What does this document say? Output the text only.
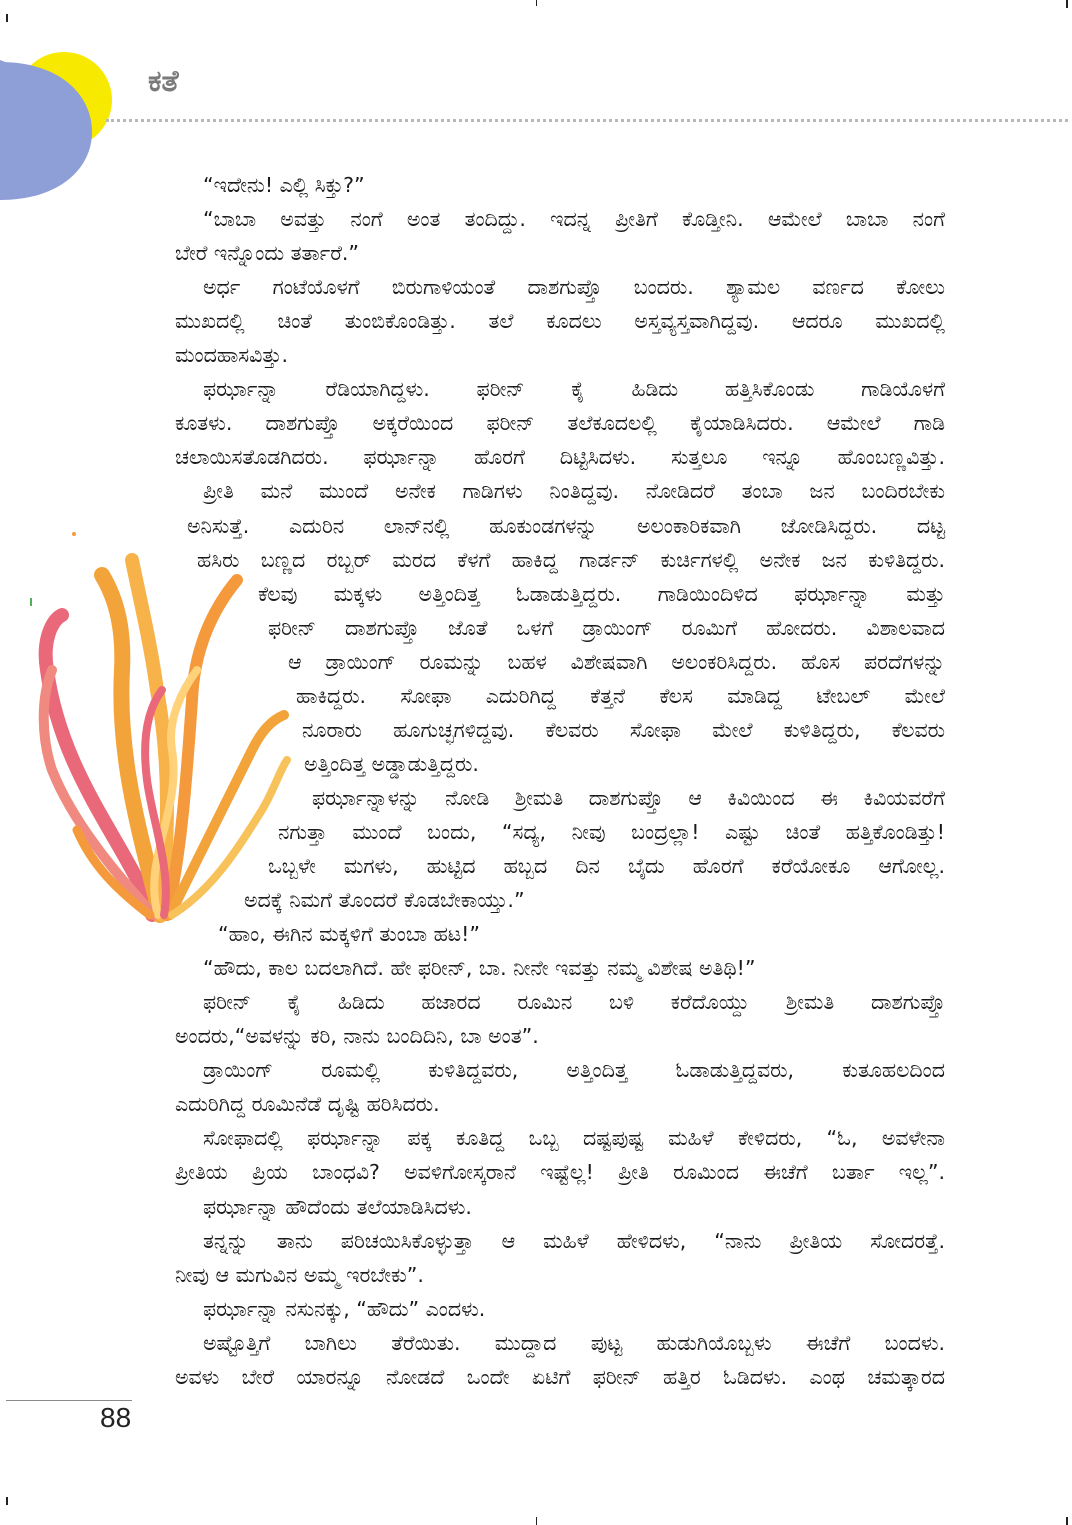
ಕತೆ
“ಇದೇನು! ಎಲ್ಲಿ ಸಿಕ್ತು?”
“ಬಾಬಾ ಅವತ್ತು ನಂಗೆ ಅಂತ ತಂದಿದ್ದು. ಇದನ್ನ ಪ್ರೀತಿಗೆ ಕೊಡ್ತೀನಿ. ಆಮೇಲೆ ಬಾಬಾ ನಂಗೆ
ಬೇರೆ ಇನ್ನೊಂದು ತರ್ತಾರೆ.”
ಅರ್ಧ ಗಂಟೆಯೊಳಗೆ ಬಿರುಗಾಳಿಯಂತೆ ದಾಶಗುಪ್ತೊ ಬಂದರು. ಶ್ಯಾಮಲ ವರ್ಣದ ಕೋಲು
ಮುಖದಲ್ಲಿ ಚಿಂತೆ ತುಂಬಿಕೊಂಡಿತ್ತು. ತಲೆ ಕೂದಲು ಅಸ್ತವ್ಯಸ್ತವಾಗಿದ್ದವು. ಆದರೂ ಮುಖದಲ್ಲಿ
ಮಂದಹಾಸವಿತ್ತು.
ಫರ್ಝಾನ್ನಾ ರೆಡಿಯಾಗಿದ್ದಳು. ಫರೀನ್ ಕೈ ಹಿಡಿದು ಹತ್ತಿಸಿಕೊಂಡು ಗಾಡಿಯೊಳಗೆ
ಕೂತಳು. ದಾಶಗುಪ್ತೊ ಅಕ್ಕರೆಯಿಂದ ಫರೀನ್ ತಲೆಕೂದಲಲ್ಲಿ ಕೈಯಾಡಿಸಿದರು. ಆಮೇಲೆ ಗಾಡಿ
ಚಲಾಯಿಸತೊಡಗಿದರು. ಫರ್ಝಾನ್ನಾ ಹೊರಗೆ ದಿಟ್ಟಿಸಿದಳು. ಸುತ್ತಲೂ ಇನ್ನೂ ಹೊಂಬಣ್ಣವಿತ್ತು.
ಪ್ರೀತಿ ಮನೆ ಮುಂದೆ ಅನೇಕ ಗಾಡಿಗಳು ನಿಂತಿದ್ದವು. ನೋಡಿದರೆ ತಂಬಾ ಜನ ಬಂದಿರಬೇಕು
ಅನಿಸುತ್ತೆ. ಎದುರಿನ ಲಾನ್‌ನಲ್ಲಿ ಹೂಕುಂಡಗಳನ್ನು ಅಲಂಕಾರಿಕವಾಗಿ ಜೋಡಿಸಿದ್ದರು. ದಟ್ಟ
ಹಸಿರು ಬಣ್ಣದ ರಬ್ಬರ್ ಮರದ ಕೆಳಗೆ ಹಾಕಿದ್ದ ಗಾರ್ಡನ್ ಕುರ್ಚಿಗಳಲ್ಲಿ ಅನೇಕ ಜನ ಕುಳಿತಿದ್ದರು.
ಕೆಲವು ಮಕ್ಕಳು ಅತ್ತಿಂದಿತ್ತ ಓಡಾಡುತ್ತಿದ್ದರು. ಗಾಡಿಯಿಂದಿಳಿದ ಫರ್ಝಾನ್ನಾ ಮತ್ತು
ಫರೀನ್ ದಾಶಗುಪ್ತೊ ಜೊತೆ ಒಳಗೆ ಡ್ರಾಯಿಂಗ್ ರೂಮಿಗೆ ಹೋದರು. ವಿಶಾಲವಾದ
ಆ ಡ್ರಾಯಿಂಗ್ ರೂಮನ್ನು ಬಹಳ ವಿಶೇಷವಾಗಿ ಅಲಂಕರಿಸಿದ್ದರು. ಹೊಸ ಪರದೆಗಳನ್ನು
ಹಾಕಿದ್ದರು. ಸೋಫಾ ಎದುರಿಗಿದ್ದ ಕೆತ್ತನೆ ಕೆಲಸ ಮಾಡಿದ್ದ ಟೇಬಲ್ ಮೇಲೆ
ನೂರಾರು ಹೂಗುಚ್ಛಗಳಿದ್ದವು. ಕೆಲವರು ಸೋಫಾ ಮೇಲೆ ಕುಳಿತಿದ್ದರು, ಕೆಲವರು
ಅತ್ತಿಂದಿತ್ತ ಅಡ್ಡಾಡುತ್ತಿದ್ದರು.
ಫರ್ಝಾನ್ನಾಳನ್ನು ನೋಡಿ ಶ್ರೀಮತಿ ದಾಶಗುಪ್ತೊ ಆ ಕಿವಿಯಿಂದ ಈ ಕಿವಿಯವರೆಗೆ
ನಗುತ್ತಾ ಮುಂದೆ ಬಂದು, “ಸದ್ಯ, ನೀವು ಬಂದ್ರಲ್ಲಾ! ಎಷ್ಟು ಚಿಂತೆ ಹತ್ತಿಕೊಂಡಿತ್ತು!
ಒಬ್ಬಳೇ ಮಗಳು, ಹುಟ್ಟಿದ ಹಬ್ಬದ ದಿನ ಬೈದು ಹೊರಗೆ ಕರೆಯೋಕೂ ಆಗೋಲ್ಲ.
ಅದಕ್ಕೆ ನಿಮಗೆ ತೊಂದರೆ ಕೊಡಬೇಕಾಯ್ತು.”
“ಹಾಂ, ಈಗಿನ ಮಕ್ಕಳಿಗೆ ತುಂಬಾ ಹಟ!”
“ಹೌದು, ಕಾಲ ಬದಲಾಗಿದೆ. ಹೇ ಫರೀನ್, ಬಾ. ನೀನೇ ಇವತ್ತು ನಮ್ಮ ವಿಶೇಷ ಅತಿಥಿ!”
ಫರೀನ್ ಕೈ ಹಿಡಿದು ಹಜಾರದ ರೂಮಿನ ಬಳಿ ಕರೆದೊಯ್ದು ಶ್ರೀಮತಿ ದಾಶಗುಪ್ತೊ
ಅಂದರು,“ಅವಳನ್ನು ಕರಿ, ನಾನು ಬಂದಿದಿನಿ, ಬಾ ಅಂತ”.
ಡ್ರಾಯಿಂಗ್ ರೂಮಲ್ಲಿ ಕುಳಿತಿದ್ದವರು, ಅತ್ತಿಂದಿತ್ತ ಓಡಾಡುತ್ತಿದ್ದವರು, ಕುತೂಹಲದಿಂದ
ಎದುರಿಗಿದ್ದ ರೂಮಿನೆಡೆ ದೃಷ್ಟಿ ಹರಿಸಿದರು.
ಸೋಫಾದಲ್ಲಿ ಫರ್ಝಾನ್ನಾ ಪಕ್ಕ ಕೂತಿದ್ದ ಒಬ್ಬ ದಷ್ಟಪುಷ್ಟ ಮಹಿಳೆ ಕೇಳಿದರು, “ಓ, ಅವಳೇನಾ
ಪ್ರೀತಿಯ ಪ್ರಿಯ ಬಾಂಧವಿ? ಅವಳಿಗೋಸ್ಕರಾನೆ ಇಷ್ಟೆಲ್ಲ! ಪ್ರೀತಿ ರೂಮಿಂದ ಈಚೆಗೆ ಬರ್ತಾ ಇಲ್ಲ”.
ಫರ್ಝಾನ್ನಾ ಹೌದೆಂದು ತಲೆಯಾಡಿಸಿದಳು.
ತನ್ನನ್ನು ತಾನು ಪರಿಚಯಿಸಿಕೊಳ್ಳುತ್ತಾ ಆ ಮಹಿಳೆ ಹೇಳಿದಳು, “ನಾನು ಪ್ರೀತಿಯ ಸೋದರತ್ತೆ.
ನೀವು ಆ ಮಗುವಿನ ಅಮ್ಮ ಇರಬೇಕು”.
ಫರ್ಝಾನ್ನಾ ನಸುನಕ್ಕು, “ಹೌದು” ಎಂದಳು.
ಅಷ್ಟೊತ್ತಿಗೆ ಬಾಗಿಲು ತೆರೆಯಿತು. ಮುದ್ದಾದ ಪುಟ್ಟ ಹುಡುಗಿಯೊಬ್ಬಳು ಈಚೆಗೆ ಬಂದಳು.
ಅವಳು ಬೇರೆ ಯಾರನ್ನೂ ನೋಡದೆ ಒಂದೇ ಏಟಿಗೆ ಫರೀನ್ ಹತ್ತಿರ ಓಡಿದಳು. ಎಂಥ ಚಮತ್ಕಾರದ
88
